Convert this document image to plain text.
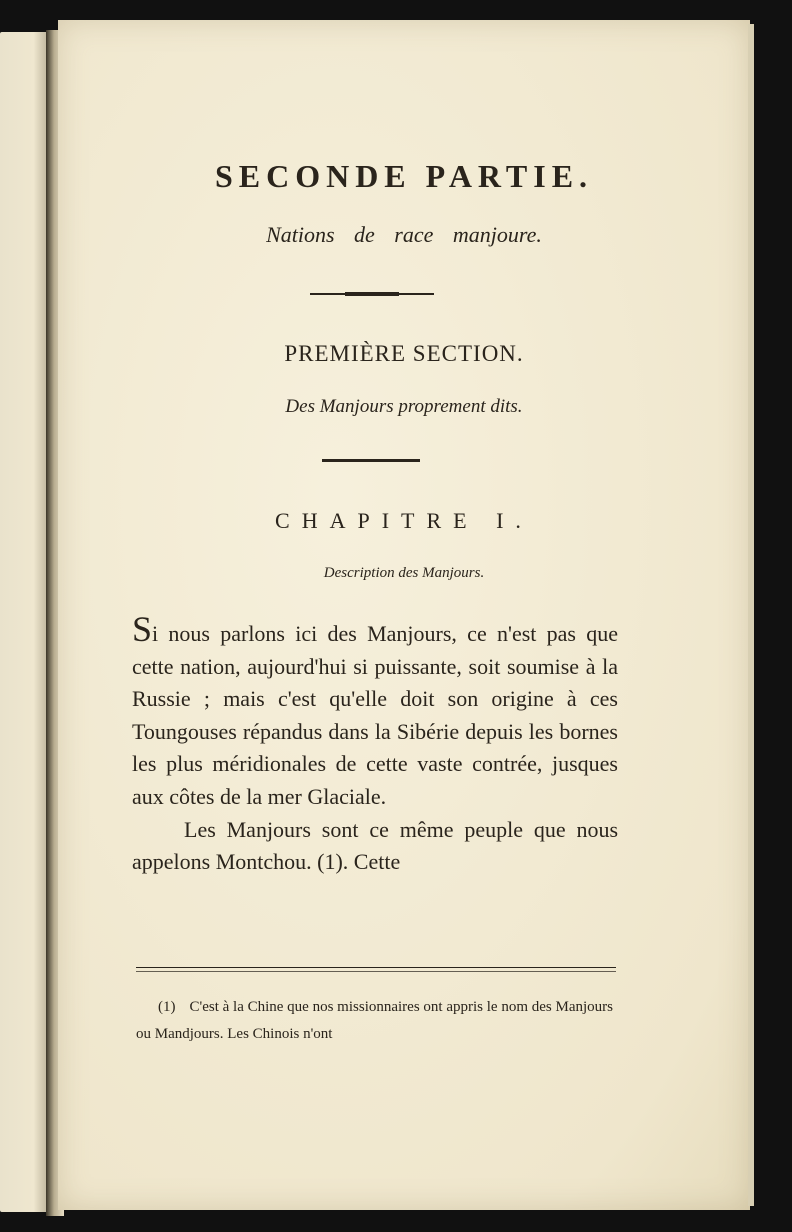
SECONDE PARTIE.
Nations de race manjoure.
PREMIÈRE SECTION.
Des Manjours proprement dits.
CHAPITRE I.
Description des Manjours.

Si nous parlons ici des Manjours, ce n'est pas que cette nation, aujourd'hui si puissante, soit soumise à la Russie ; mais c'est qu'elle doit son origine à ces Toungouses répandus dans la Sibérie depuis les bornes les plus méridionales de cette vaste contrée, jusques aux côtes de la mer Glaciale.

Les Manjours sont ce même peuple que nous appelons Montchou. (1). Cette

(1) C'est à la Chine que nos missionnaires ont appris le nom des Manjours ou Mandjours. Les Chinois n'ont
